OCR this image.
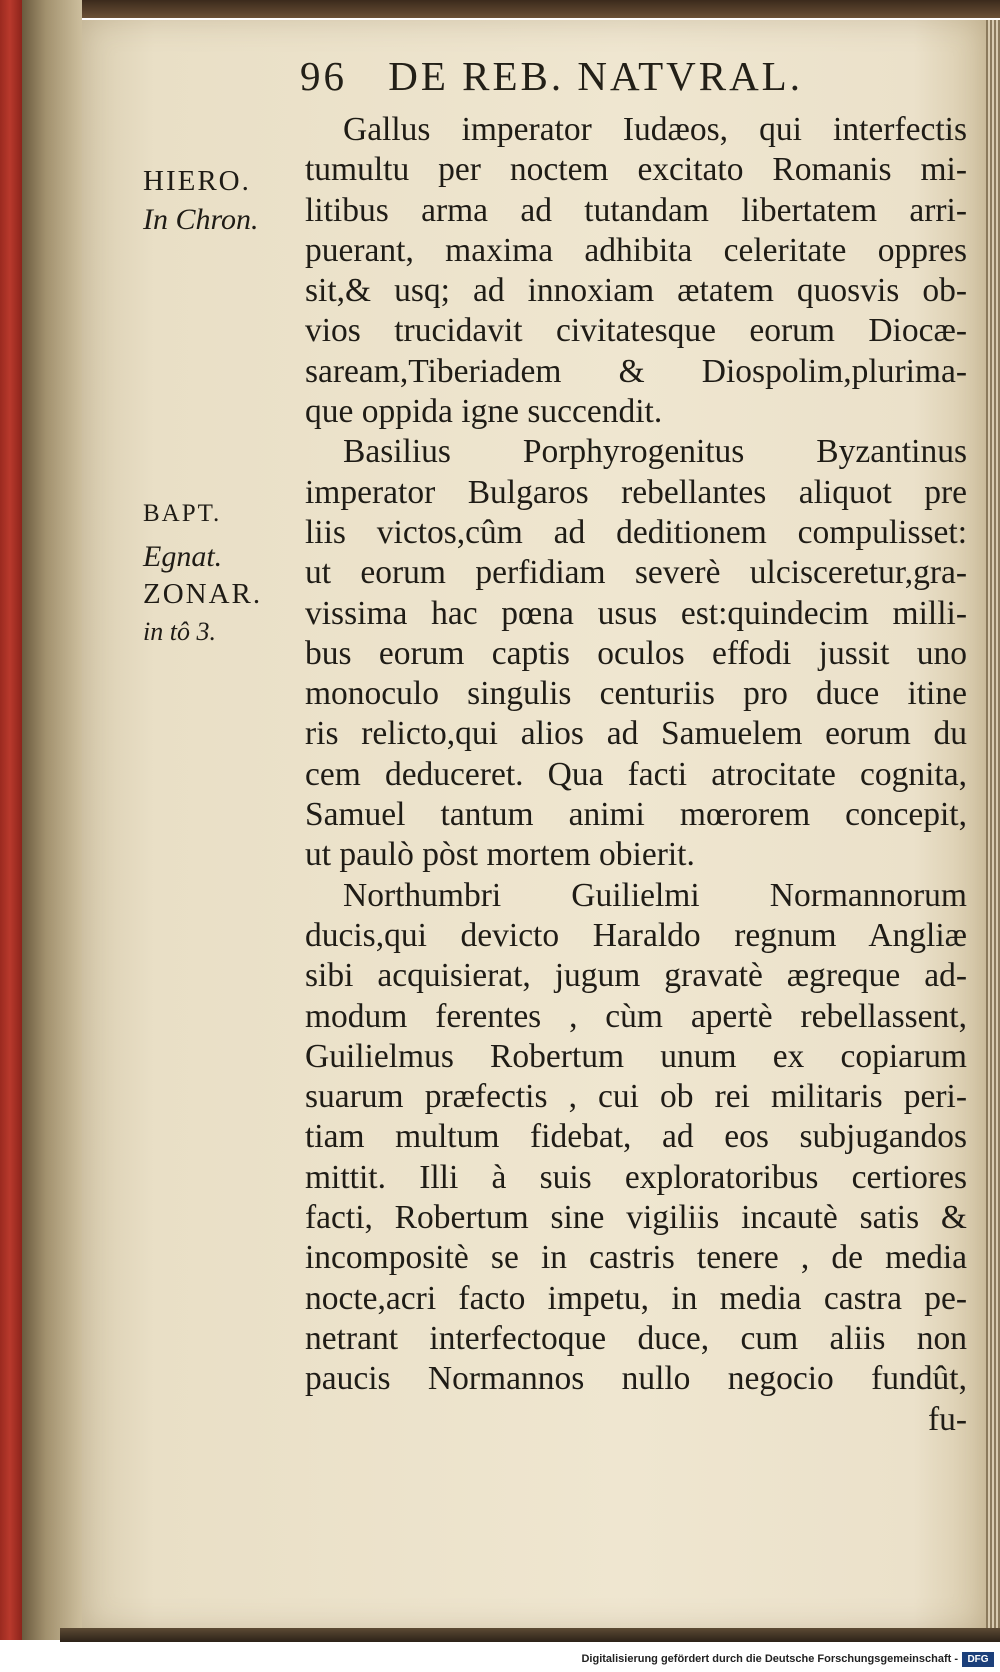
96 DE REB. NATVRAL.
HIERO.
In Chron.
BAPT.
Egnat.
ZONAR.
in tô 3.
Gallus imperator Iudæos, qui interfectis
tumultu per noctem excitato Romanis mi-
litibus arma ad tutandam libertatem arri-
puerant, maxima adhibita celeritate oppres
sit,& usq; ad innoxiam ætatem quosvis ob-
vios trucidavit civitatesque eorum Diocæ-
saream,Tiberiadem & Diospolim,plurima-
que oppida igne succendit.
Basilius Porphyrogenitus Byzantinus
imperator Bulgaros rebellantes aliquot pre
liis victos,cûm ad deditionem compulisset:
ut eorum perfidiam severè ulcisceretur,gra-
vissima hac pœna usus est:quindecim milli-
bus eorum captis oculos effodi jussit uno
monoculo singulis centuriis pro duce itine
ris relicto,qui alios ad Samuelem eorum du
cem deduceret. Qua facti atrocitate cognita,
Samuel tantum animi mœrorem concepit,
ut paulò pòst mortem obierit.
Northumbri Guilielmi Normannorum
ducis,qui devicto Haraldo regnum Angliæ
sibi acquisierat, jugum gravatè ægreque ad-
modum ferentes , cùm apertè rebellassent,
Guilielmus Robertum unum ex copiarum
suarum præfectis , cui ob rei militaris peri-
tiam multum fidebat, ad eos subjugandos
mittit. Illi à suis exploratoribus certiores
facti, Robertum sine vigiliis incautè satis &
incompositè se in castris tenere , de media
nocte,acri facto impetu, in media castra pe-
netrant interfectoque duce, cum aliis non
paucis Normannos nullo negocio fundût,
fu-
Digitalisierung gefördert durch die Deutsche Forschungsgemeinschaft - DFG
